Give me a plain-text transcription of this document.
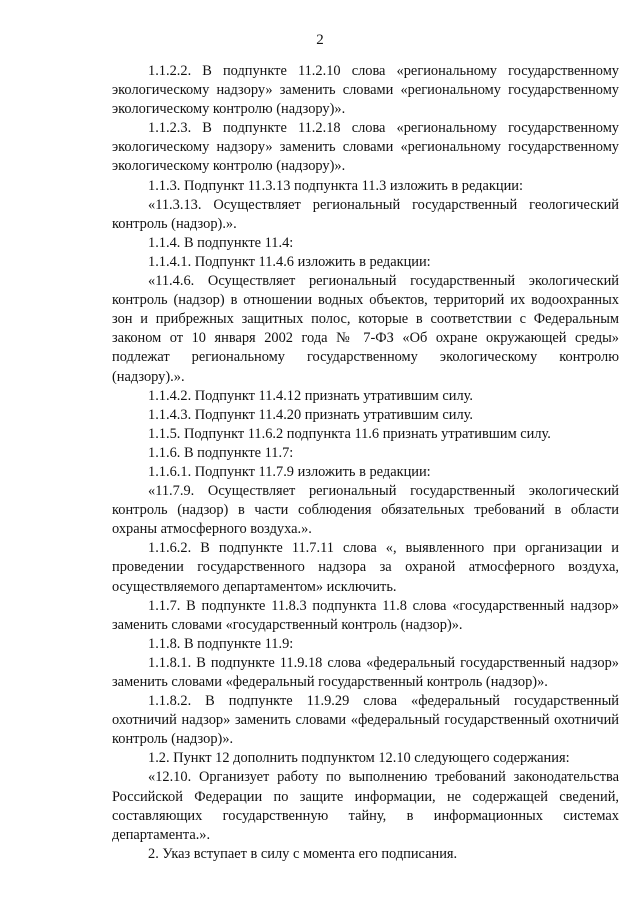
2

1.1.2.2. В подпункте 11.2.10 слова «региональному государственному экологическому надзору» заменить словами «региональному государственному экологическому контролю (надзору)».

1.1.2.3. В подпункте 11.2.18 слова «региональному государственному экологическому надзору» заменить словами «региональному государственному экологическому контролю (надзору)».

1.1.3. Подпункт 11.3.13 подпункта 11.3 изложить в редакции:

«11.3.13. Осуществляет региональный государственный геологический контроль (надзор).».

1.1.4. В подпункте 11.4:

1.1.4.1. Подпункт 11.4.6 изложить в редакции:

«11.4.6. Осуществляет региональный государственный экологический контроль (надзор) в отношении водных объектов, территорий их водоохранных зон и прибрежных защитных полос, которые в соответствии с Федеральным законом от 10 января 2002 года № 7-ФЗ «Об охране окружающей среды» подлежат региональному государственному экологическому контролю (надзору).».

1.1.4.2. Подпункт 11.4.12 признать утратившим силу.

1.1.4.3. Подпункт 11.4.20 признать утратившим силу.

1.1.5. Подпункт 11.6.2 подпункта 11.6 признать утратившим силу.

1.1.6. В подпункте 11.7:

1.1.6.1. Подпункт 11.7.9 изложить в редакции:

«11.7.9. Осуществляет региональный государственный экологический контроль (надзор) в части соблюдения обязательных требований в области охраны атмосферного воздуха.».

1.1.6.2. В подпункте 11.7.11 слова «, выявленного при организации и проведении государственного надзора за охраной атмосферного воздуха, осуществляемого департаментом» исключить.

1.1.7. В подпункте 11.8.3 подпункта 11.8 слова «государственный надзор» заменить словами «государственный контроль (надзор)».

1.1.8. В подпункте 11.9:

1.1.8.1. В подпункте 11.9.18 слова «федеральный государственный надзор» заменить словами «федеральный государственный контроль (надзор)».

1.1.8.2. В подпункте 11.9.29 слова «федеральный государственный охотничий надзор» заменить словами «федеральный государственный охотничий контроль (надзор)».

1.2. Пункт 12 дополнить подпунктом 12.10 следующего содержания:

«12.10. Организует работу по выполнению требований законодательства Российской Федерации по защите информации, не содержащей сведений, составляющих государственную тайну, в информационных системах департамента.».

2. Указ вступает в силу с момента его подписания.
